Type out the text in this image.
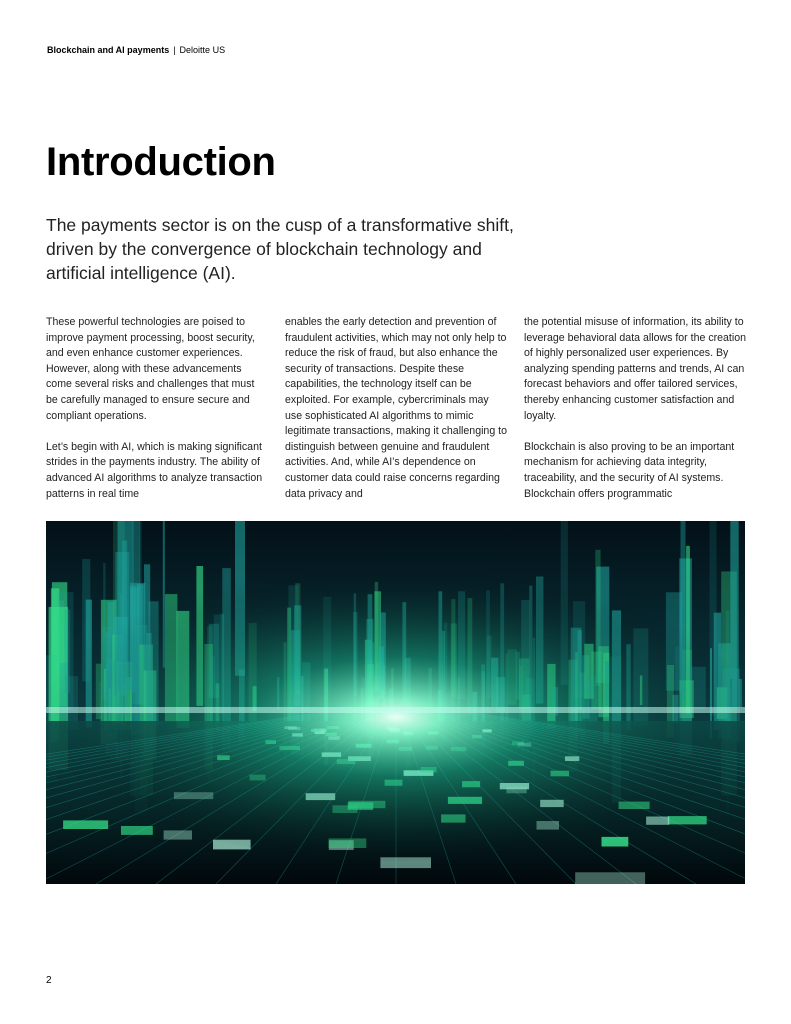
Blockchain and AI payments | Deloitte US
Introduction
The payments sector is on the cusp of a transformative shift, driven by the convergence of blockchain technology and artificial intelligence (AI).

These powerful technologies are poised to improve payment processing, boost security, and even enhance customer experiences. However, along with these advancements come several risks and challenges that must be carefully managed to ensure secure and compliant operations.

Let’s begin with AI, which is making significant strides in the payments industry. The ability of advanced AI algorithms to analyze transaction patterns in real time

enables the early detection and prevention of fraudulent activities, which may not only help to reduce the risk of fraud, but also enhance the security of transactions. Despite these capabilities, the technology itself can be exploited. For example, cybercriminals may use sophisticated AI algorithms to mimic legitimate transactions, making it challenging to distinguish between genuine and fraudulent activities. And, while AI’s dependence on customer data could raise concerns regarding data privacy and

the potential misuse of information, its ability to leverage behavioral data allows for the creation of highly personalized user experiences. By analyzing spending patterns and trends, AI can forecast behaviors and offer tailored services, thereby enhancing customer satisfaction and loyalty.

Blockchain is also proving to be an important mechanism for achieving data integrity, traceability, and the security of AI systems. Blockchain offers programmatic

2
